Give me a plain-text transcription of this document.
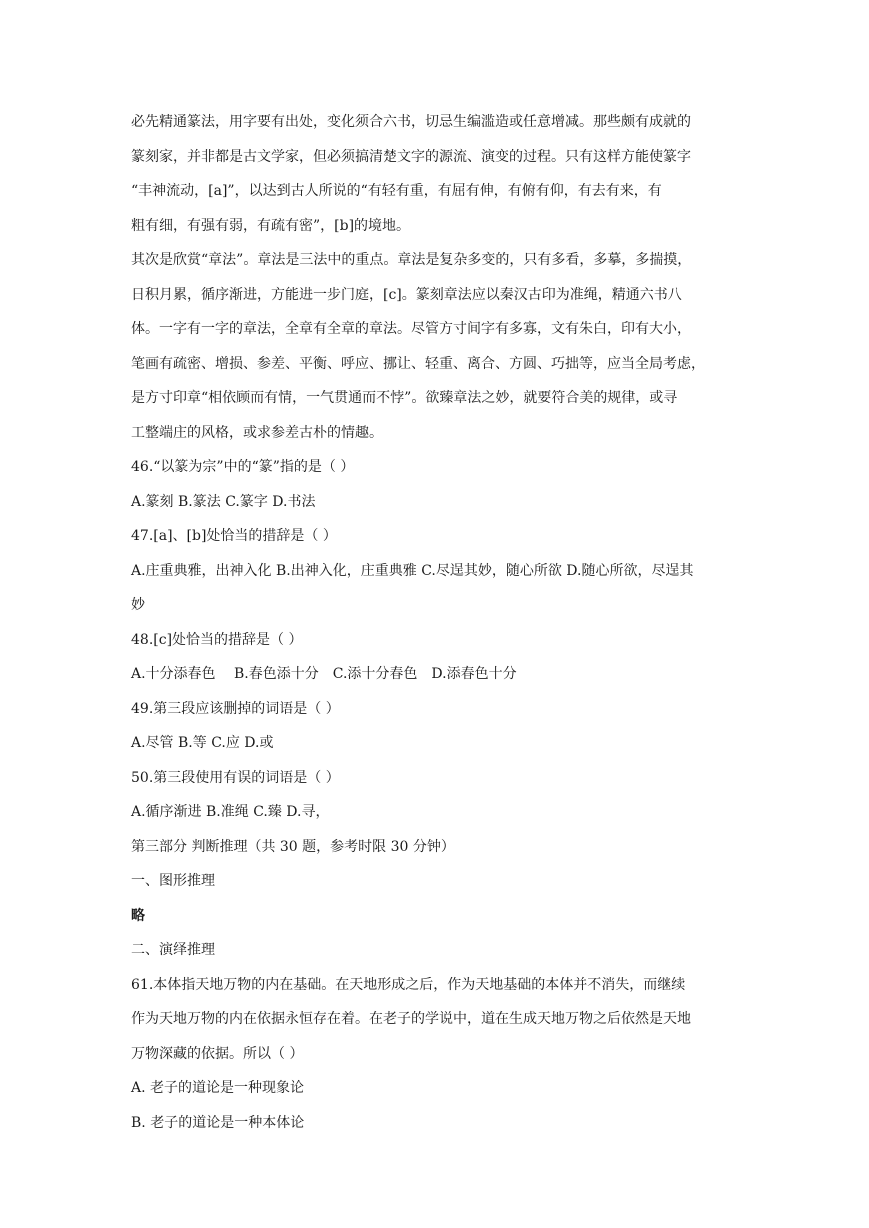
必先精通篆法，用字要有出处，变化须合六书，切忌生编滥造或任意增减。那些颇有成就的
篆刻家，并非都是古文学家，但必须搞清楚文字的源流、演变的过程。只有这样方能使篆字
“丰神流动，[a]”，以达到古人所说的“有轻有重，有屈有伸，有俯有仰，有去有来，有
粗有细，有强有弱，有疏有密”，[b]的境地。
其次是欣赏“章法”。章法是三法中的重点。章法是复杂多变的，只有多看，多摹，多揣摸，
日积月累，循序渐进，方能进一步门庭，[c]。篆刻章法应以秦汉古印为准绳，精通六书八
体。一字有一字的章法，全章有全章的章法。尽管方寸间字有多寡，文有朱白，印有大小，
笔画有疏密、增损、参差、平衡、呼应、挪让、轻重、离合、方圆、巧拙等，应当全局考虑，
是方寸印章“相依顾而有情，一气贯通而不悖”。欲臻章法之妙，就要符合美的规律，或寻
工整端庄的风格，或求参差古朴的情趣。
46.“以篆为宗”中的“篆”指的是（ ）
A.篆刻 B.篆法 C.篆字 D.书法
47.[a]、[b]处恰当的措辞是（ ）
A.庄重典雅，出神入化 B.出神入化，庄重典雅 C.尽逞其妙，随心所欲 D.随心所欲，尽逞其
妙
48.[c]处恰当的措辞是（ ）
A.十分添春色　 B.春色添十分　C.添十分春色　D.添春色十分
49.第三段应该删掉的词语是（ ）
A.尽管 B.等 C.应 D.或
50.第三段使用有误的词语是（ ）
A.循序渐进 B.准绳 C.臻 D.寻，
第三部分 判断推理（共 30 题，参考时限 30 分钟）
一、图形推理
略
二、演绎推理
61.本体指天地万物的内在基础。在天地形成之后，作为天地基础的本体并不消失，而继续
作为天地万物的内在依据永恒存在着。在老子的学说中，道在生成天地万物之后依然是天地
万物深藏的依据。所以（ ）
A. 老子的道论是一种现象论
B. 老子的道论是一种本体论
